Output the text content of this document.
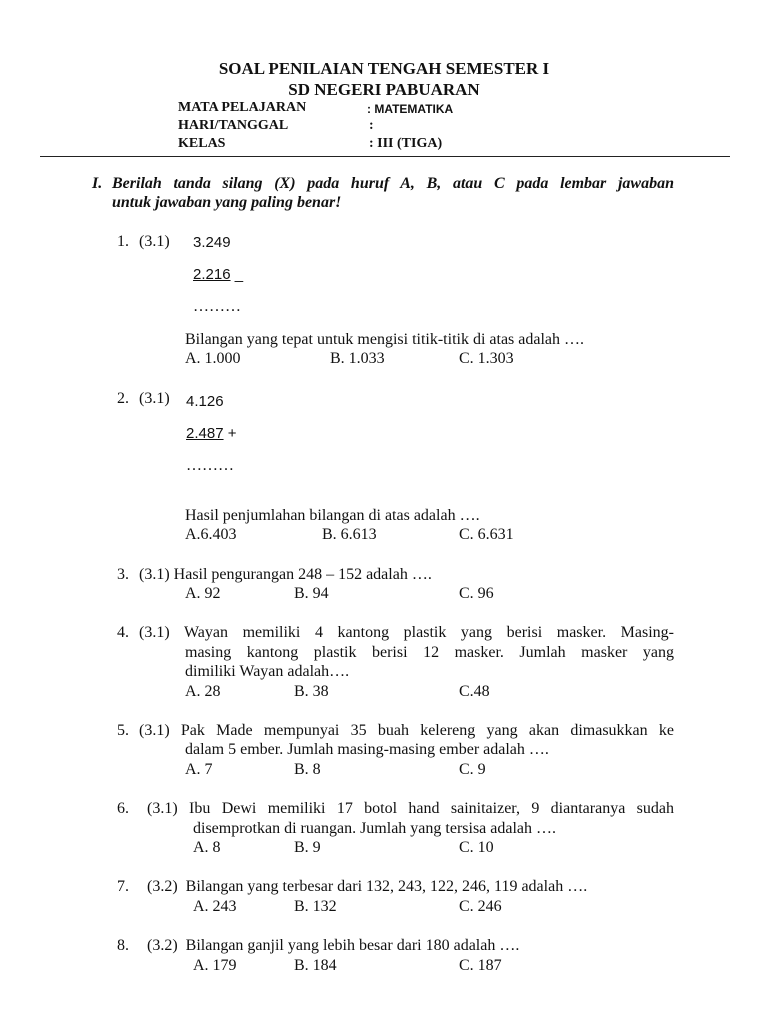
SOAL PENILAIAN TENGAH SEMESTER I
SD NEGERI PABUARAN
MATA PELAJARAN	: MATEMATIKA
HARI/TANGGAL	:
KELAS	: III (TIGA)
I. Berilah tanda silang (X) pada huruf A, B, atau C pada lembar jawaban
untuk jawaban yang paling benar!
1. (3.1) 3.249
2.216 _
………
Bilangan yang tepat untuk mengisi titik-titik di atas adalah ….
A. 1.000	B. 1.033	C. 1.303
2. (3.1) 4.126
2.487 +
………
Hasil penjumlahan bilangan di atas adalah ….
A.6.403	B. 6.613	C. 6.631
3. (3.1) Hasil pengurangan 248 – 152 adalah ….
A. 92	B. 94	C. 96
4. (3.1) Wayan memiliki 4 kantong plastik yang berisi masker. Masing-
masing kantong plastik berisi 12 masker. Jumlah masker yang
dimiliki Wayan adalah….
A. 28	B. 38	C.48
5. (3.1) Pak Made mempunyai 35 buah kelereng yang akan dimasukkan ke
dalam 5 ember. Jumlah masing-masing ember adalah ….
A. 7	B. 8	C. 9
6. (3.1) Ibu Dewi memiliki 17 botol hand sainitaizer, 9 diantaranya sudah
disemprotkan di ruangan. Jumlah yang tersisa adalah ….
A. 8	B. 9	C. 10
7. (3.2)  Bilangan yang terbesar dari 132, 243, 122, 246, 119 adalah ….
A. 243	B. 132	C. 246
8. (3.2)  Bilangan ganjil yang lebih besar dari 180 adalah ….
A. 179	B. 184	C. 187
